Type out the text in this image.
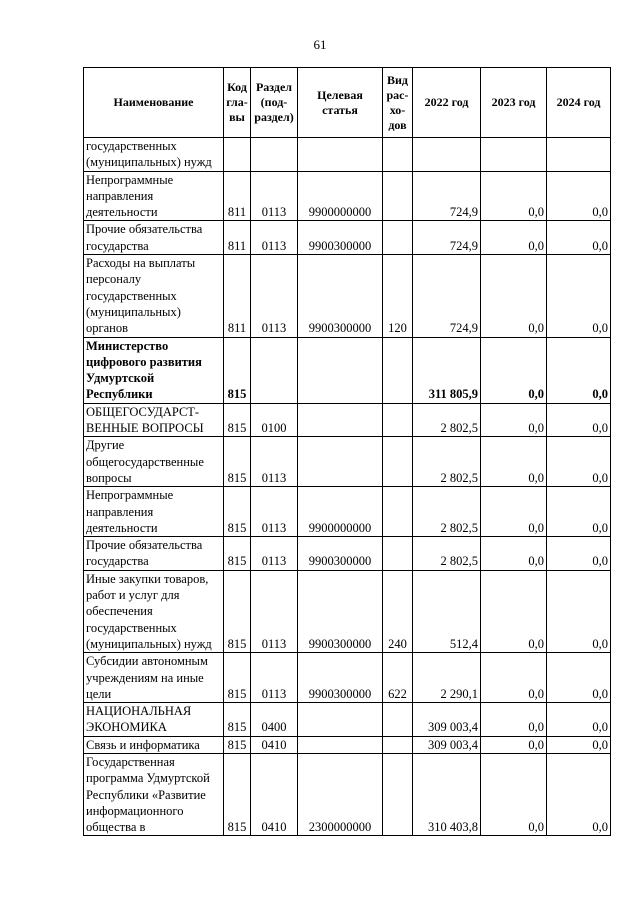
61
Наименование	Код гла-вы	Раздел (под-раздел)	Целевая статья	Вид рас-хо-дов	2022 год	2023 год	2024 год
государственных (муниципальных) нужд							
Непрограммные направления деятельности	811	0113	9900000000		724,9	0,0	0,0
Прочие обязательства государства	811	0113	9900300000		724,9	0,0	0,0
Расходы на выплаты персоналу государственных (муниципальных) органов	811	0113	9900300000	120	724,9	0,0	0,0
Министерство цифрового развития Удмуртской Республики	815				311 805,9	0,0	0,0
ОБЩЕГОСУДАРСТ-ВЕННЫЕ ВОПРОСЫ	815	0100			2 802,5	0,0	0,0
Другие общегосударственные вопросы	815	0113			2 802,5	0,0	0,0
Непрограммные направления деятельности	815	0113	9900000000		2 802,5	0,0	0,0
Прочие обязательства государства	815	0113	9900300000		2 802,5	0,0	0,0
Иные закупки товаров, работ и услуг для обеспечения государственных (муниципальных) нужд	815	0113	9900300000	240	512,4	0,0	0,0
Субсидии автономным учреждениям на иные цели	815	0113	9900300000	622	2 290,1	0,0	0,0
НАЦИОНАЛЬНАЯ ЭКОНОМИКА	815	0400			309 003,4	0,0	0,0
Связь и информатика	815	0410			309 003,4	0,0	0,0
Государственная программа Удмуртской Республики «Развитие информационного общества в	815	0410	2300000000		310 403,8	0,0	0,0
